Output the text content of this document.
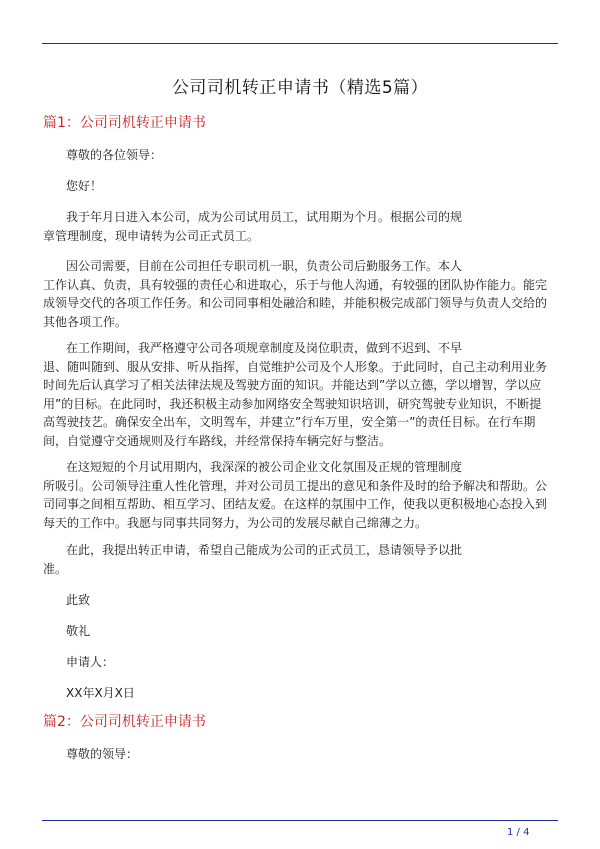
公司司机转正申请书（精选5篇）
篇1：公司司机转正申请书
尊敬的各位领导：
您好！
我于年月日进入本公司，成为公司试用员工，试用期为个月。根据公司的规
章管理制度，现申请转为公司正式员工。
因公司需要，目前在公司担任专职司机一职，负责公司后勤服务工作。本人
工作认真、负责，具有较强的责任心和进取心，乐于与他人沟通，有较强的团队协作能力。能完
成领导交代的各项工作任务。和公司同事相处融洽和睦，并能积极完成部门领导与负责人交给的
其他各项工作。
在工作期间，我严格遵守公司各项规章制度及岗位职责，做到不迟到、不早
退、随叫随到、服从安排、听从指挥，自觉维护公司及个人形象。于此同时，自己主动利用业务
时间先后认真学习了相关法律法规及驾驶方面的知识。并能达到”学以立德，学以增智，学以应
用”的目标。在此同时，我还积极主动参加网络安全驾驶知识培训，研究驾驶专业知识，不断提
高驾驶技艺。确保安全出车，文明驾车，并建立”行车万里，安全第一”的责任目标。在行车期
间，自觉遵守交通规则及行车路线，并经常保持车辆完好与整洁。
在这短短的个月试用期内，我深深的被公司企业文化氛围及正规的管理制度
所吸引。公司领导注重人性化管理，并对公司员工提出的意见和条件及时的给予解决和帮助。公
司同事之间相互帮助、相互学习、团结友爱。在这样的氛围中工作，使我以更积极地心态投入到
每天的工作中。我愿与同事共同努力，为公司的发展尽献自己绵薄之力。
在此，我提出转正申请，希望自己能成为公司的正式员工，恳请领导予以批
准。
此致
敬礼
申请人：
XX年X月X日
篇2：公司司机转正申请书
尊敬的领导：
1 / 4
